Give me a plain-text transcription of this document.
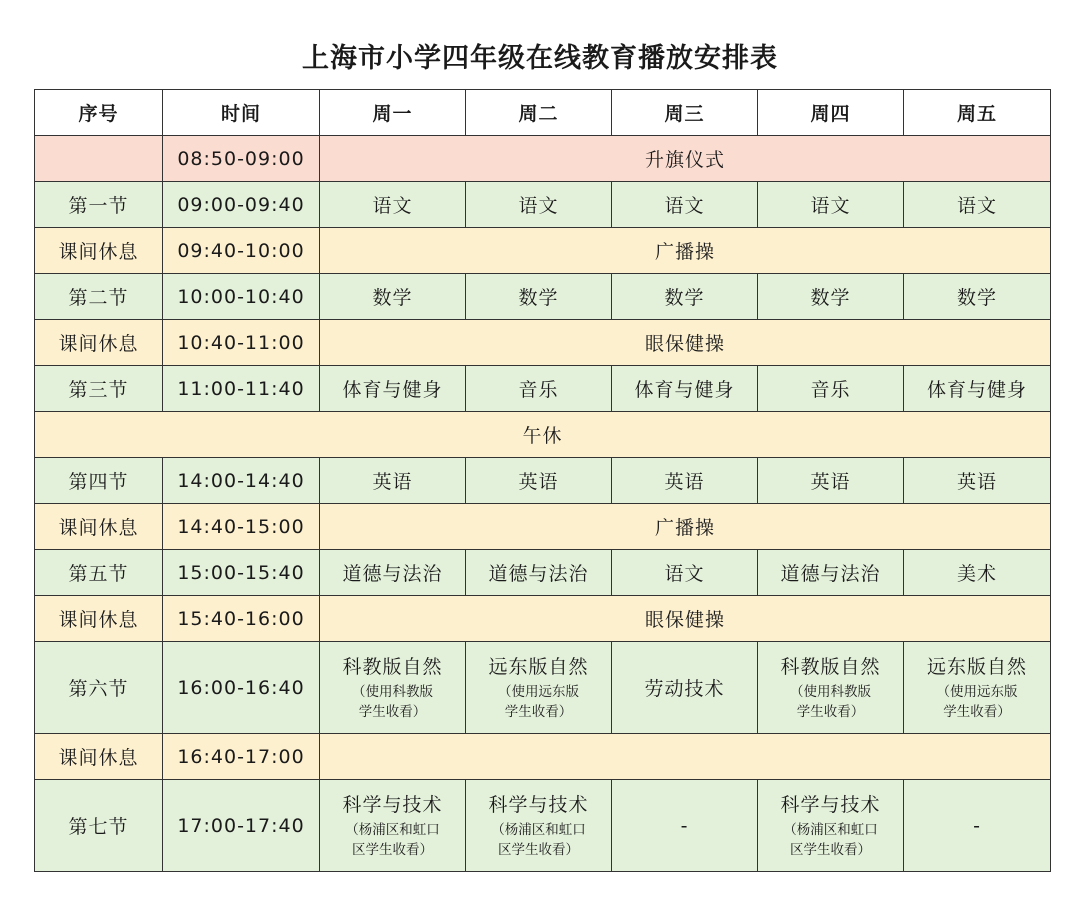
上海市小学四年级在线教育播放安排表
序号	时间	周一	周二	周三	周四	周五
	08:50-09:00	升旗仪式				
第一节	09:00-09:40	语文	语文	语文	语文	语文
课间休息	09:40-10:00	广播操				
第二节	10:00-10:40	数学	数学	数学	数学	数学
课间休息	10:40-11:00	眼保健操				
第三节	11:00-11:40	体育与健身	音乐	体育与健身	音乐	体育与健身
午休						
第四节	14:00-14:40	英语	英语	英语	英语	英语
课间休息	14:40-15:00	广播操				
第五节	15:00-15:40	道德与法治	道德与法治	语文	道德与法治	美术
课间休息	15:40-16:00	眼保健操				
第六节	16:00-16:40	科教版自然
（使用科教版
学生收看）	远东版自然
（使用远东版
学生收看）	劳动技术	科教版自然
（使用科教版
学生收看）	远东版自然
（使用远东版
学生收看）

课间休息	16:40-17:00					
第七节	17:00-17:40	科学与技术
（杨浦区和虹口
区学生收看）	科学与技术
（杨浦区和虹口
区学生收看）	-	科学与技术
（杨浦区和虹口
区学生收看）	-
